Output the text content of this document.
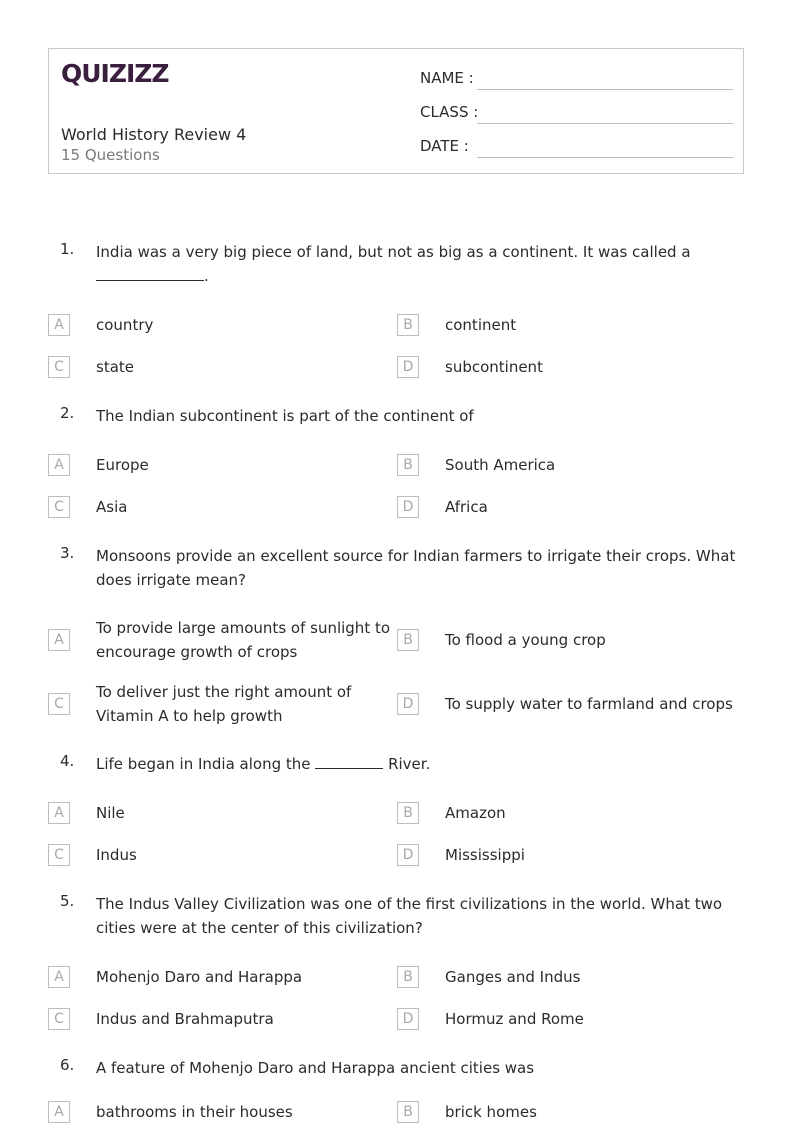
QUIZIZZ
World History Review 4
15 Questions
NAME :
CLASS :
DATE :
1. India was a very big piece of land, but not as big as a continent. It was called a
.
A	country	B	continent
C	state	D	subcontinent
2. The Indian subcontinent is part of the continent of
A	Europe	B	South America
C	Asia	D	Africa
3. Monsoons provide an excellent source for Indian farmers to irrigate their crops. What does irrigate mean?
A
To provide large amounts of sunlight to encourage growth of crops
B	To flood a young crop
C
To deliver just the right amount of Vitamin A to help growth
D	To supply water to farmland and crops
4. Life began in India along the	River.
A	Nile	B	Amazon
C	Indus	D	Mississippi
5. The Indus Valley Civilization was one of the first civilizations in the world. What two cities were at the center of this civilization?
A	Mohenjo Daro and Harappa	B	Ganges and Indus
C	Indus and Brahmaputra	D	Hormuz and Rome
6. A feature of Mohenjo Daro and Harappa ancient cities was
A	bathrooms in their houses	B	brick homes
